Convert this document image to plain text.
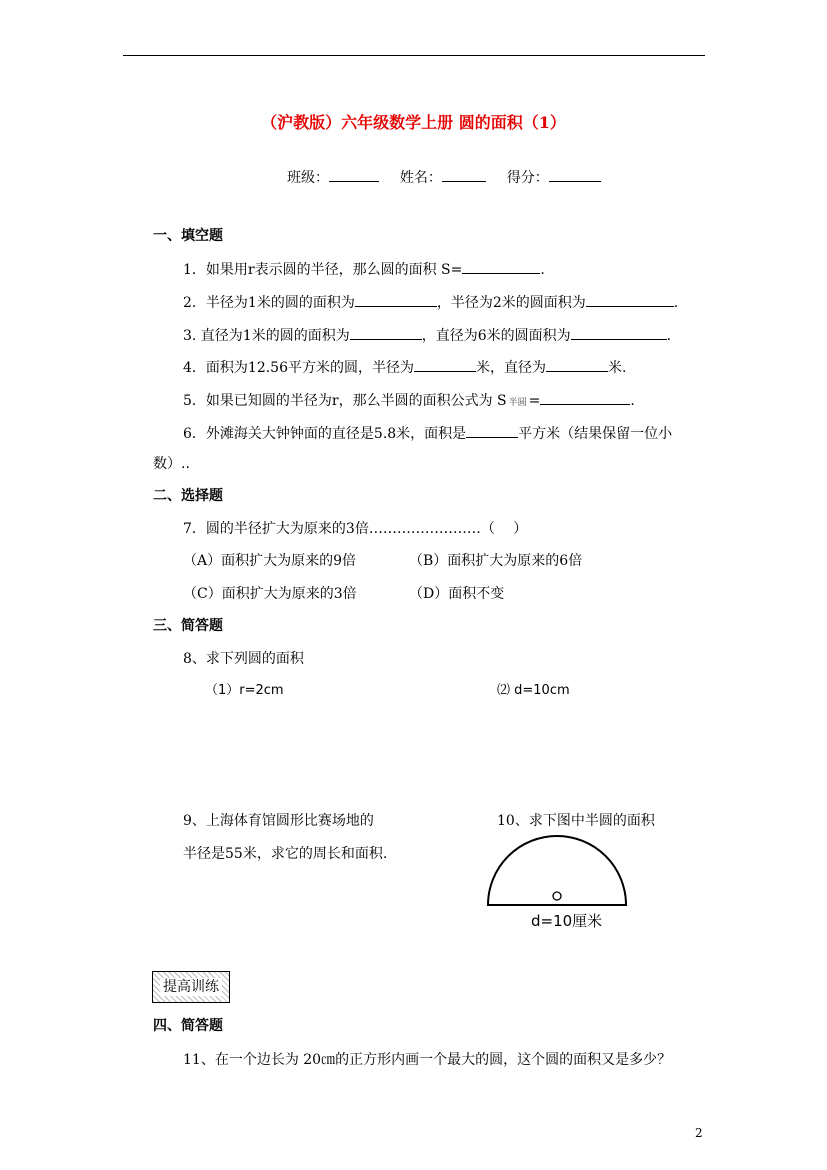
（沪教版）六年级数学上册 圆的面积（1）
班级：	姓名：	得分：
一、填空题
1．如果用r表示圆的半径，那么圆的面积 S=	.
2．半径为1米的圆的面积为	，半径为2米的圆面积为	.
3. 直径为1米的圆的面积为	，直径为6米的圆面积为	.
4．面积为12.56平方米的圆，半径为	米，直径为	米.
5．如果已知圆的半径为r，那么半圆的面积公式为 S 半圆 =	.
6．外滩海关大钟钟面的直径是5.8米，面积是	平方米（结果保留一位小
数）..
二、选择题
7．圆的半径扩大为原来的3倍……………………（　 ）
（A）面积扩大为原来的9倍	（B）面积扩大为原来的6倍
（C）面积扩大为原来的3倍	（D）面积不变
三、简答题
8、求下列圆的面积
（1）r=2cm	⑵ d=10cm
9、上海体育馆圆形比赛场地的
半径是55米，求它的周长和面积.
10、求下图中半圆的面积
d=10厘米
提高训练
四、简答题
11、在一个边长为 20㎝的正方形内画一个最大的圆，这个圆的面积又是多少？
2
